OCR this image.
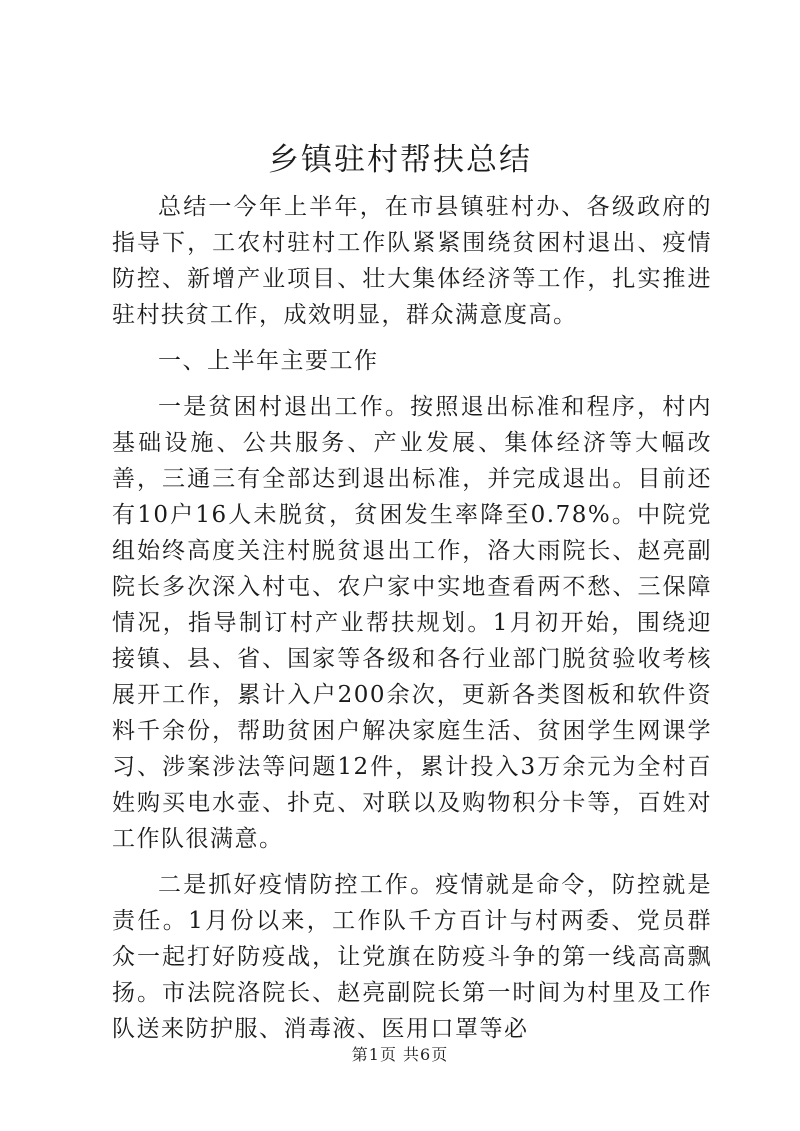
乡镇驻村帮扶总结

总结一今年上半年，在市县镇驻村办、各级政府的指导下，工农村驻村工作队紧紧围绕贫困村退出、疫情防控、新增产业项目、壮大集体经济等工作，扎实推进驻村扶贫工作，成效明显，群众满意度高。

一、上半年主要工作

一是贫困村退出工作。按照退出标准和程序，村内基础设施、公共服务、产业发展、集体经济等大幅改善，三通三有全部达到退出标准，并完成退出。目前还有10户16人未脱贫，贫困发生率降至0.78%。中院党组始终高度关注村脱贫退出工作，洛大雨院长、赵亮副院长多次深入村屯、农户家中实地查看两不愁、三保障情况，指导制订村产业帮扶规划。1月初开始，围绕迎接镇、县、省、国家等各级和各行业部门脱贫验收考核展开工作，累计入户200余次，更新各类图板和软件资料千余份，帮助贫困户解决家庭生活、贫困学生网课学习、涉案涉法等问题12件，累计投入3万余元为全村百姓购买电水壶、扑克、对联以及购物积分卡等，百姓对工作队很满意。

二是抓好疫情防控工作。疫情就是命令，防控就是责任。1月份以来，工作队千方百计与村两委、党员群众一起打好防疫战，让党旗在防疫斗争的第一线高高飘扬。市法院洛院长、赵亮副院长第一时间为村里及工作队送来防护服、消毒液、医用口罩等必

第1页 共6页
